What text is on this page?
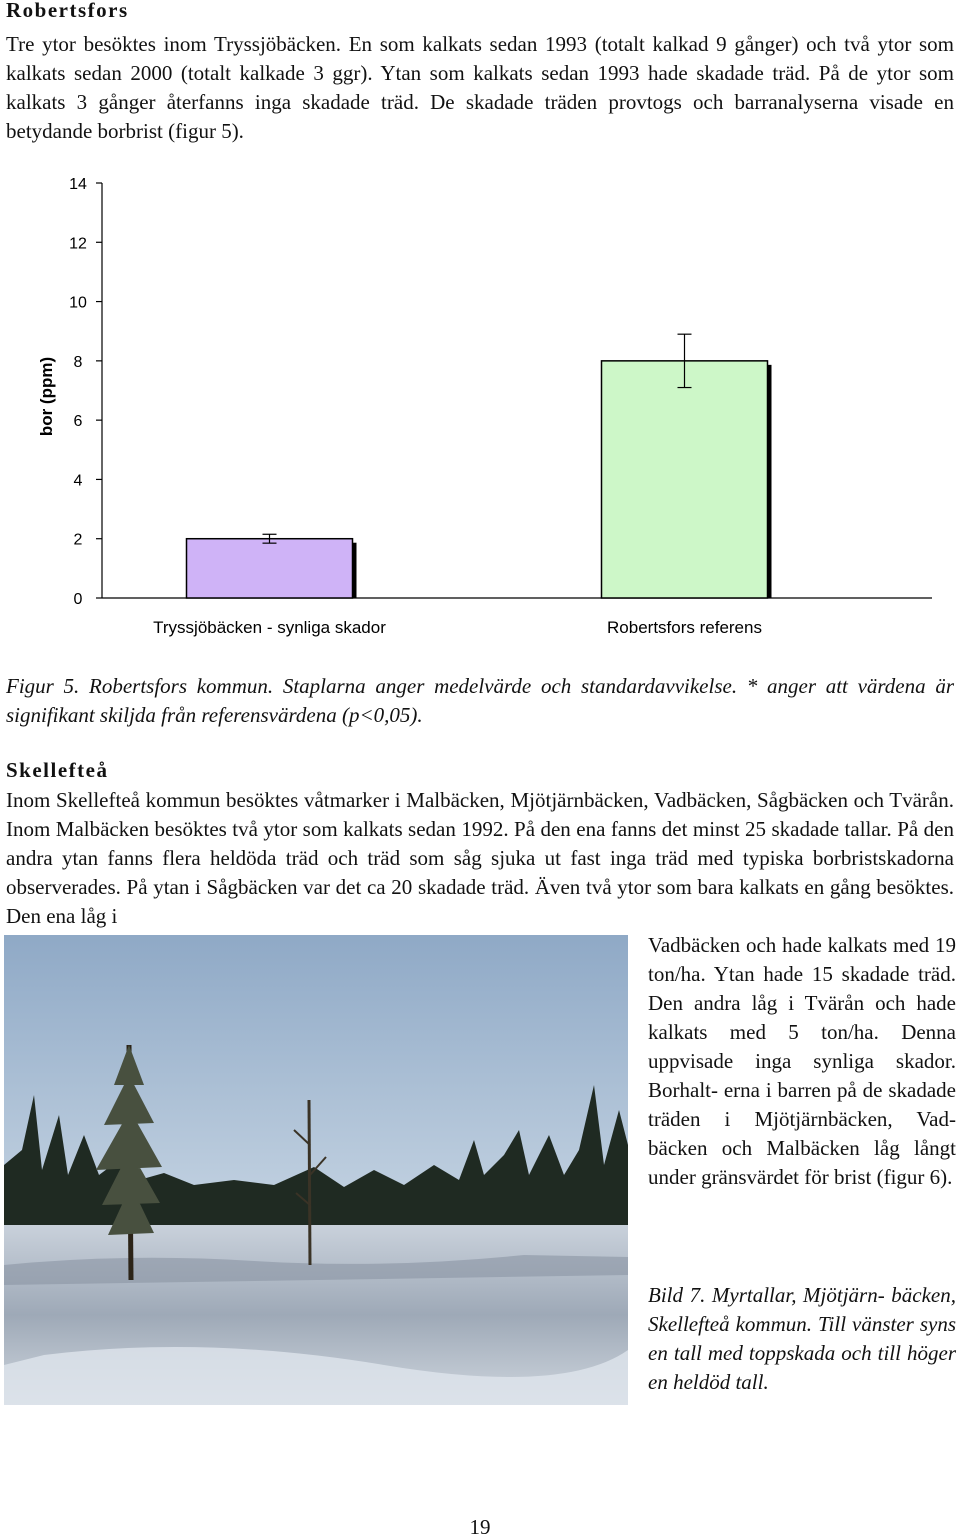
Robertsfors

Tre ytor besöktes inom Tryssjöbäcken. En som kalkats sedan 1993 (totalt kalkad 9 gånger) och två ytor som kalkats sedan 2000 (totalt kalkade 3 ggr). Ytan som kalkats sedan 1993 hade skadade träd. På de ytor som kalkats 3 gånger återfanns inga skadade träd. De skadade träden provtogs och barranalyserna visade en betydande borbrist (figur 5).

0
2
4
6
8
10
12
14
bor (ppm)
Tryssjöbäcken - synliga skador	Robertsfors referens

Figur 5. Robertsfors kommun. Staplarna anger medelvärde och standardavvikelse. * anger att värdena är signifikant skiljda från referensvärdena (p<0,05).

Skellefteå

Inom Skellefteå kommun besöktes våtmarker i Malbäcken, Mjötjärnbäcken, Vadbäcken, Sågbäcken och Tvärån. Inom Malbäcken besöktes två ytor som kalkats sedan 1992. På den ena fanns det minst 25 skadade tallar. På den andra ytan fanns flera heldöda träd och träd som såg sjuka ut fast inga träd med typiska borbristskadorna observerades. På ytan i Sågbäcken var det ca 20 skadade träd. Även två ytor som bara kalkats en gång besöktes. Den ena låg i

Vadbäcken och hade kalkats med 19 ton/ha. Ytan hade 15 skadade träd. Den andra låg i Tvärån och hade kalkats med 5 ton/ha. Denna uppvisade inga synliga skador. Borhalt- erna i barren på de skadade träden i Mjötjärnbäcken, Vad- bäcken och Malbäcken låg långt under gränsvärdet för brist (figur 6).

Bild 7. Myrtallar, Mjötjärn- bäcken, Skellefteå kommun. Till vänster syns en tall med toppskada och till höger en heldöd tall.

19
